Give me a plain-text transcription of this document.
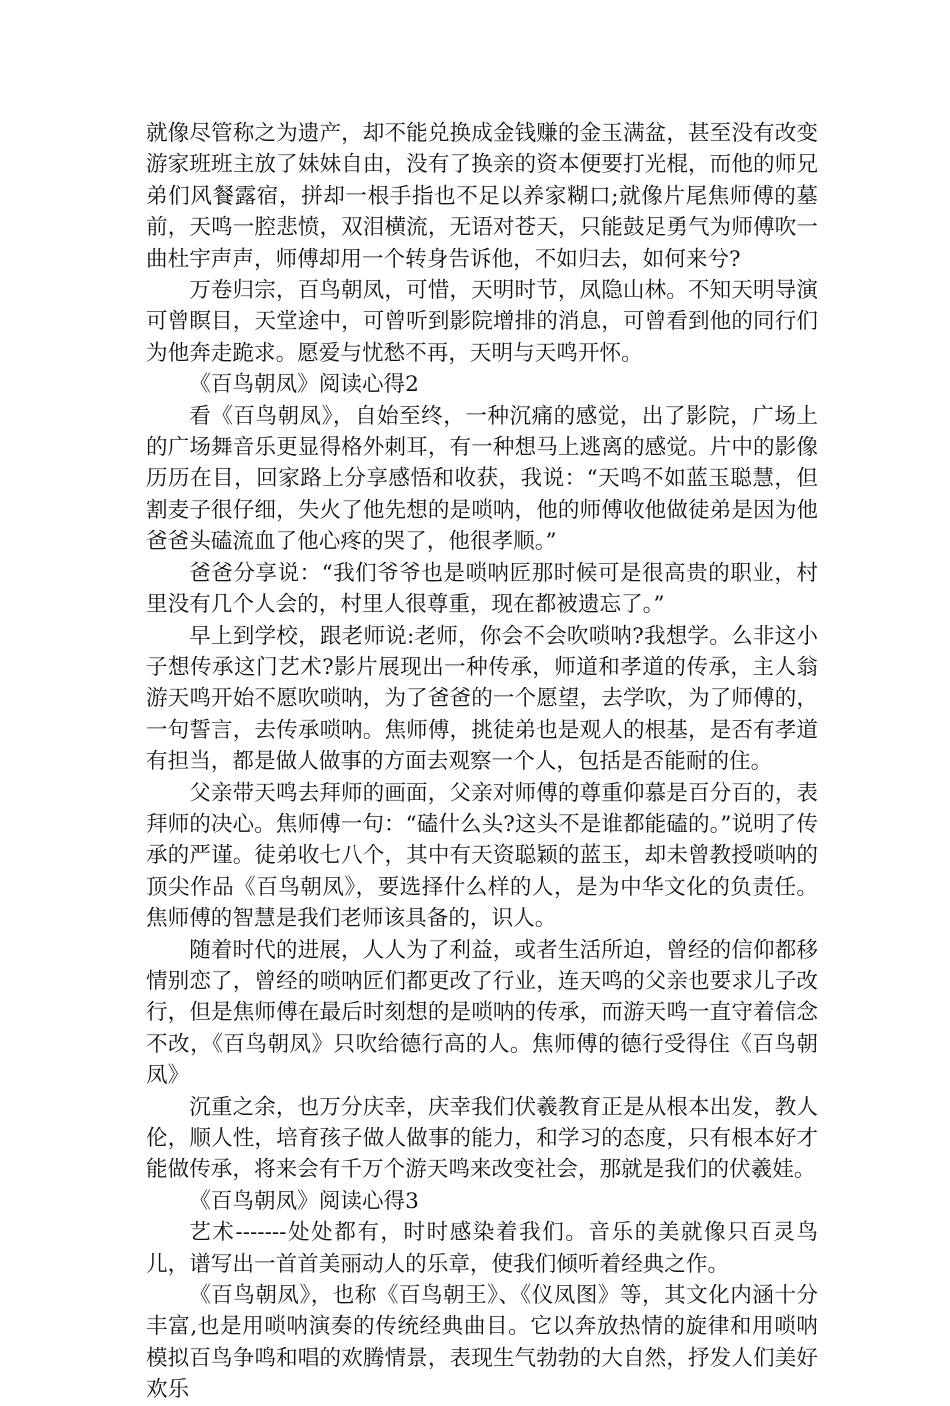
就像尽管称之为遗产，却不能兑换成金钱赚的金玉满盆，甚至没有改变游家班班主放了妹妹自由，没有了换亲的资本便要打光棍，而他的师兄弟们风餐露宿，拼却一根手指也不足以养家糊口;就像片尾焦师傅的墓前，天鸣一腔悲愤，双泪横流，无语对苍天，只能鼓足勇气为师傅吹一曲杜宇声声，师傅却用一个转身告诉他，不如归去，如何来兮?

万卷归宗，百鸟朝凤，可惜，天明时节，凤隐山林。不知天明导演可曾瞑目，天堂途中，可曾听到影院增排的消息，可曾看到他的同行们为他奔走跪求。愿爱与忧愁不再，天明与天鸣开怀。

《百鸟朝凤》阅读心得2

看《百鸟朝凤》，自始至终，一种沉痛的感觉，出了影院，广场上的广场舞音乐更显得格外刺耳，有一种想马上逃离的感觉。片中的影像历历在目，回家路上分享感悟和收获，我说：“天鸣不如蓝玉聪慧，但割麦子很仔细，失火了他先想的是唢呐，他的师傅收他做徒弟是因为他爸爸头磕流血了他心疼的哭了，他很孝顺。”

爸爸分享说：“我们爷爷也是唢呐匠那时候可是很高贵的职业，村里没有几个人会的，村里人很尊重，现在都被遗忘了。”

早上到学校，跟老师说:老师，你会不会吹唢呐?我想学。么非这小子想传承这门艺术?影片展现出一种传承，师道和孝道的传承，主人翁游天鸣开始不愿吹唢呐，为了爸爸的一个愿望，去学吹，为了师傅的，一句誓言，去传承唢呐。焦师傅，挑徒弟也是观人的根基，是否有孝道有担当，都是做人做事的方面去观察一个人，包括是否能耐的住。

父亲带天鸣去拜师的画面，父亲对师傅的尊重仰慕是百分百的，表拜师的决心。焦师傅一句：“磕什么头?这头不是谁都能磕的。”说明了传承的严谨。徒弟收七八个，其中有天资聪颖的蓝玉，却未曾教授唢呐的顶尖作品《百鸟朝凤》，要选择什么样的人，是为中华文化的负责任。焦师傅的智慧是我们老师该具备的，识人。

随着时代的进展，人人为了利益，或者生活所迫，曾经的信仰都移情别恋了，曾经的唢呐匠们都更改了行业，连天鸣的父亲也要求儿子改行，但是焦师傅在最后时刻想的是唢呐的传承，而游天鸣一直守着信念不改，《百鸟朝凤》只吹给德行高的人。焦师傅的德行受得住《百鸟朝凤》

沉重之余，也万分庆幸，庆幸我们伏羲教育正是从根本出发，教人伦，顺人性，培育孩子做人做事的能力，和学习的态度，只有根本好才能做传承，将来会有千万个游天鸣来改变社会，那就是我们的伏羲娃。

《百鸟朝凤》阅读心得3

艺术-------处处都有，时时感染着我们。音乐的美就像只百灵鸟儿，谱写出一首首美丽动人的乐章，使我们倾听着经典之作。

《百鸟朝凤》，也称《百鸟朝王》、《仪凤图》等，其文化内涵十分丰富,也是用唢呐演奏的传统经典曲目。它以奔放热情的旋律和用唢呐模拟百鸟争鸣和唱的欢腾情景，表现生气勃勃的大自然，抒发人们美好欢乐
